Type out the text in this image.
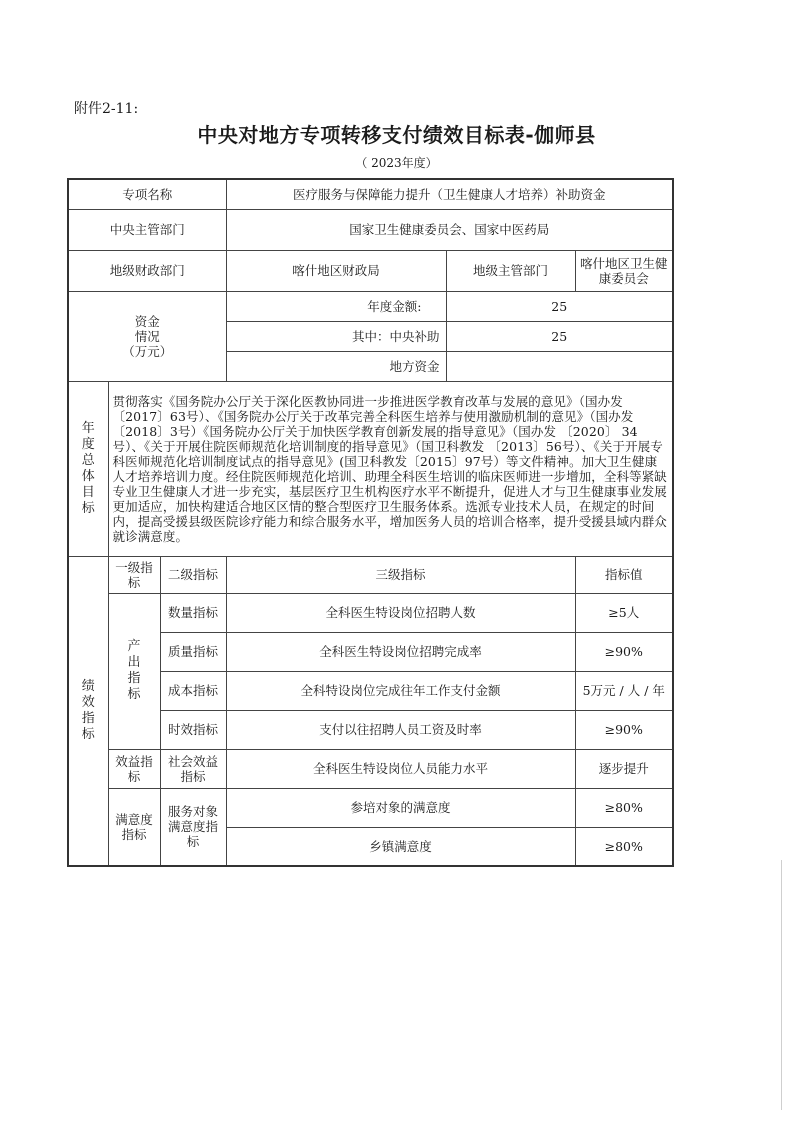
附件2-11:
中央对地方专项转移支付绩效目标表-伽师县
（ 2023年度）
专项名称			医疗服务与保障能力提升（卫生健康人才培养）补助资金		
中央主管部门			国家卫生健康委员会、国家中医药局		
地级财政部门			喀什地区财政局	地级主管部门	喀什地区卫生健康委员会

资金
情况
（万元）			年度金额:	25	
			其中：中央补助	25	
			地方资金		
年度总体目标	贯彻落实《国务院办公厅关于深化医教协同进一步推进医学教育改革与发展的意见》（国办发〔2017〕63号）、《国务院办公厅关于改革完善全科医生培养与使用激励机制的意见》（国办发〔2018〕3号）《国务院办公厅关于加快医学教育创新发展的指导意见》（国办发 〔2020〕 34号）、《关于开展住院医师规范化培训制度的指导意见》（国卫科教发 〔2013〕56号）、《关于开展专科医师规范化培训制度试点的指导意见》(国卫科教发〔2015〕97号）等文件精神。加大卫生健康人才培养培训力度。经住院医师规范化培训、助理全科医生培训的临床医师进一步增加，全科等紧缺专业卫生健康人才进一步充实，基层医疗卫生机构医疗水平不断提升，促进人才与卫生健康事业发展更加适应，加快构建适合地区区情的整合型医疗卫生服务体系。选派专业技术人员，在规定的时间内，提高受援县级医院诊疗能力和综合服务水平，增加医务人员的培训合格率，提升受援县域内群众就诊满意度。				
绩效指标	一级指标	二级指标	三级指标		指标值
	产出指标	数量指标	全科医生特设岗位招聘人数		≥5人
		质量指标	全科医生特设岗位招聘完成率		≥90%
		成本指标	全科特设岗位完成往年工作支付金额		5万元 / 人 / 年
		时效指标	支付以往招聘人员工资及时率		≥90%
	效益指标	社会效益指标	全科医生特设岗位人员能力水平		逐步提升
	满意度指标	服务对象满意度指标	参培对象的满意度		≥80%
			乡镇满意度		≥80%
